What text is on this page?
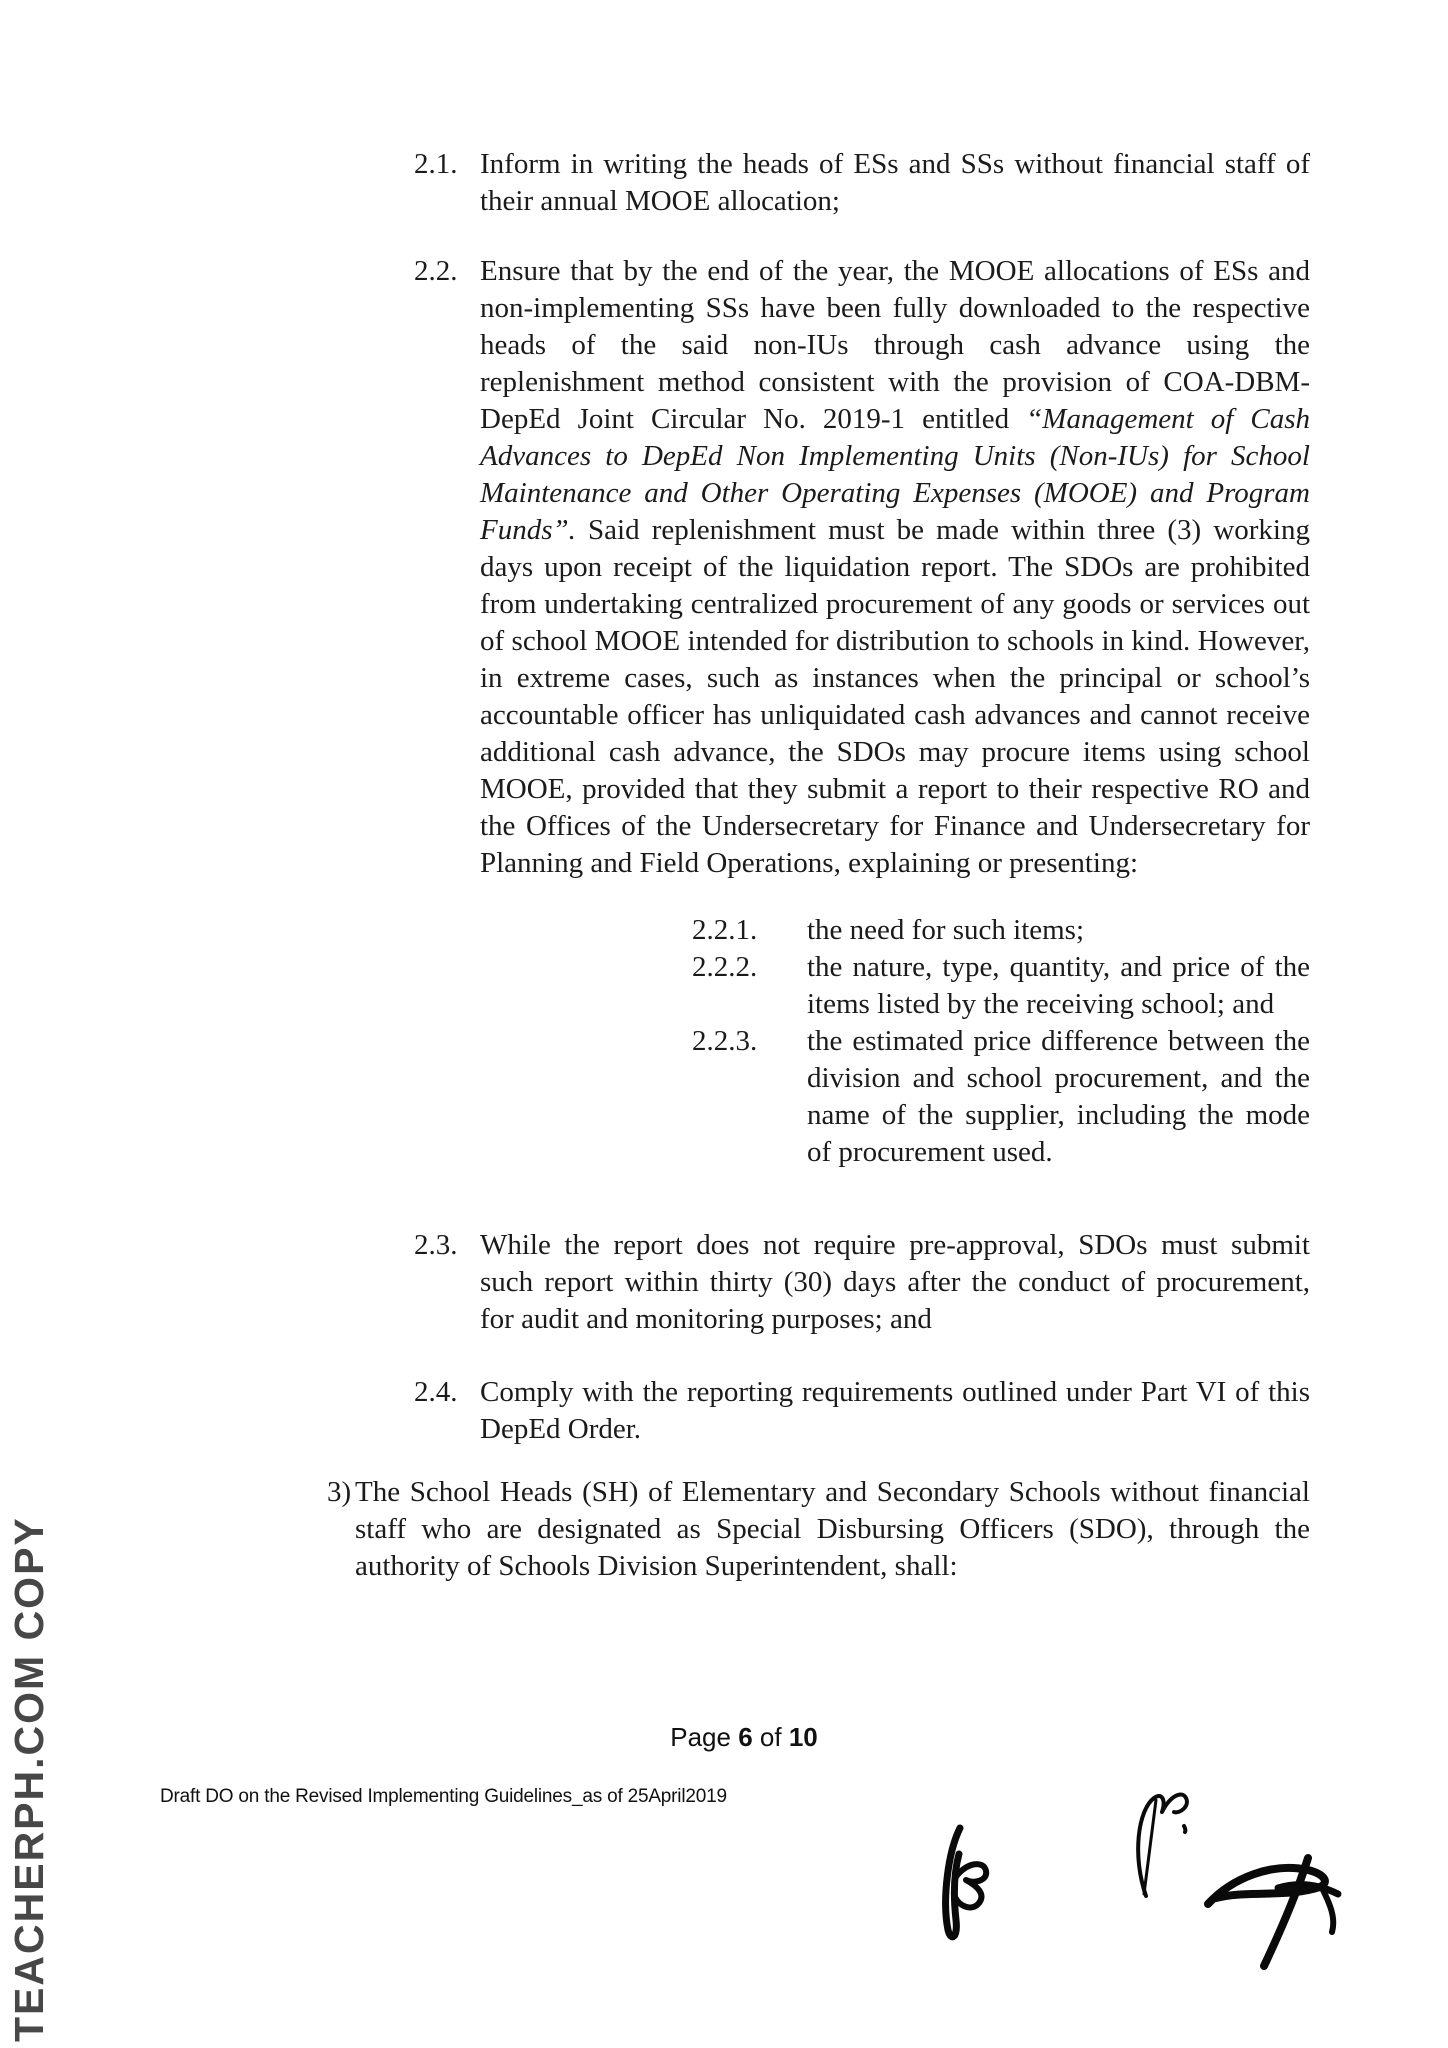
2.1. Inform in writing the heads of ESs and SSs without financial staff of their annual MOOE allocation;
2.2. Ensure that by the end of the year, the MOOE allocations of ESs and non-implementing SSs have been fully downloaded to the respective heads of the said non-IUs through cash advance using the replenishment method consistent with the provision of COA-DBM-DepEd Joint Circular No. 2019-1 entitled “Management of Cash Advances to DepEd Non Implementing Units (Non-IUs) for School Maintenance and Other Operating Expenses (MOOE) and Program Funds”. Said replenishment must be made within three (3) working days upon receipt of the liquidation report. The SDOs are prohibited from undertaking centralized procurement of any goods or services out of school MOOE intended for distribution to schools in kind. However, in extreme cases, such as instances when the principal or school’s accountable officer has unliquidated cash advances and cannot receive additional cash advance, the SDOs may procure items using school MOOE, provided that they submit a report to their respective RO and the Offices of the Undersecretary for Finance and Undersecretary for Planning and Field Operations, explaining or presenting:
2.2.1. the need for such items;
2.2.2. the nature, type, quantity, and price of the items listed by the receiving school; and
2.2.3. the estimated price difference between the division and school procurement, and the name of the supplier, including the mode of procurement used.
2.3. While the report does not require pre-approval, SDOs must submit such report within thirty (30) days after the conduct of procurement, for audit and monitoring purposes; and
2.4. Comply with the reporting requirements outlined under Part VI of this DepEd Order.
3) The School Heads (SH) of Elementary and Secondary Schools without financial staff who are designated as Special Disbursing Officers (SDO), through the authority of Schools Division Superintendent, shall:
Page 6 of 10
Draft DO on the Revised Implementing Guidelines_as of 25April2019
TEACHERPH.COM COPY
